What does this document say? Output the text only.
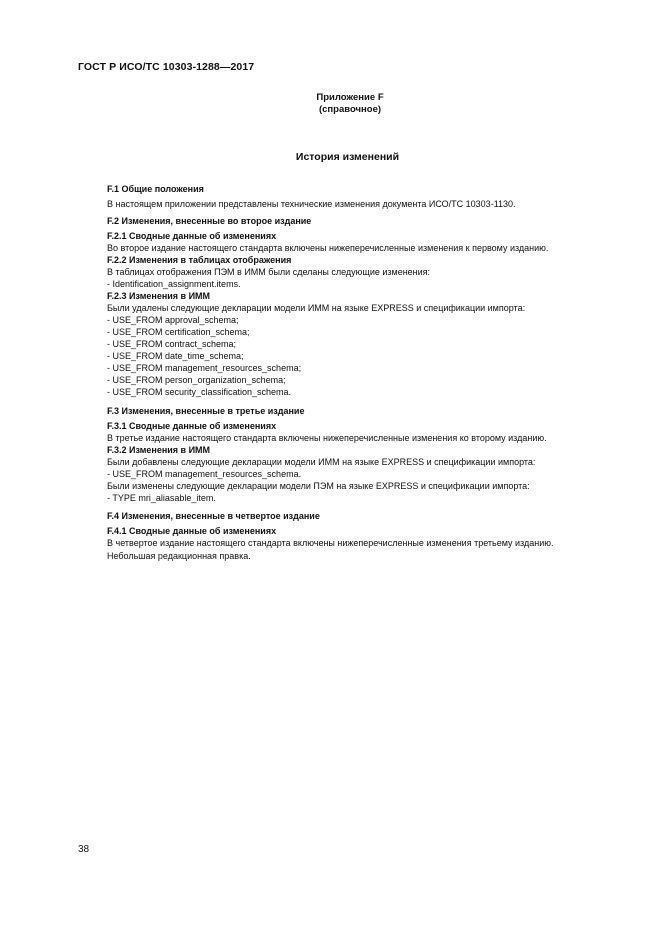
ГОСТ Р ИСО/ТС 10303-1288—2017
Приложение F
(справочное)
История изменений
F.1 Общие положения
В настоящем приложении представлены технические изменения документа ИСО/ТС 10303-1130.
F.2 Изменения, внесенные во второе издание
F.2.1 Сводные данные об изменениях
Во второе издание настоящего стандарта включены нижеперечисленные изменения к первому изданию.
F.2.2 Изменения в таблицах отображения
В таблицах отображения ПЭМ в ИММ были сделаны следующие изменения:
- Identification_assignment.items.
F.2.3 Изменения в ИММ
Были удалены следующие декларации модели ИММ на языке EXPRESS и спецификации импорта:
- USE_FROM approval_schema;
- USE_FROM certification_schema;
- USE_FROM contract_schema;
- USE_FROM date_time_schema;
- USE_FROM management_resources_schema;
- USE_FROM person_organization_schema;
- USE_FROM security_classification_schema.
F.3 Изменения, внесенные в третье издание
F.3.1 Сводные данные об изменениях
В третье издание настоящего стандарта включены нижеперечисленные изменения ко второму изданию.
F.3.2 Изменения в ИММ
Были добавлены следующие декларации модели ИММ на языке EXPRESS и спецификации импорта:
- USE_FROM management_resources_schema.
Были изменены следующие декларации модели ПЭМ на языке EXPRESS и спецификации импорта:
- TYPE mri_aliasable_item.
F.4 Изменения, внесенные в четвертое издание
F.4.1 Сводные данные об изменениях
В четвертое издание настоящего стандарта включены нижеперечисленные изменения третьему изданию.
Небольшая редакционная правка.
38
